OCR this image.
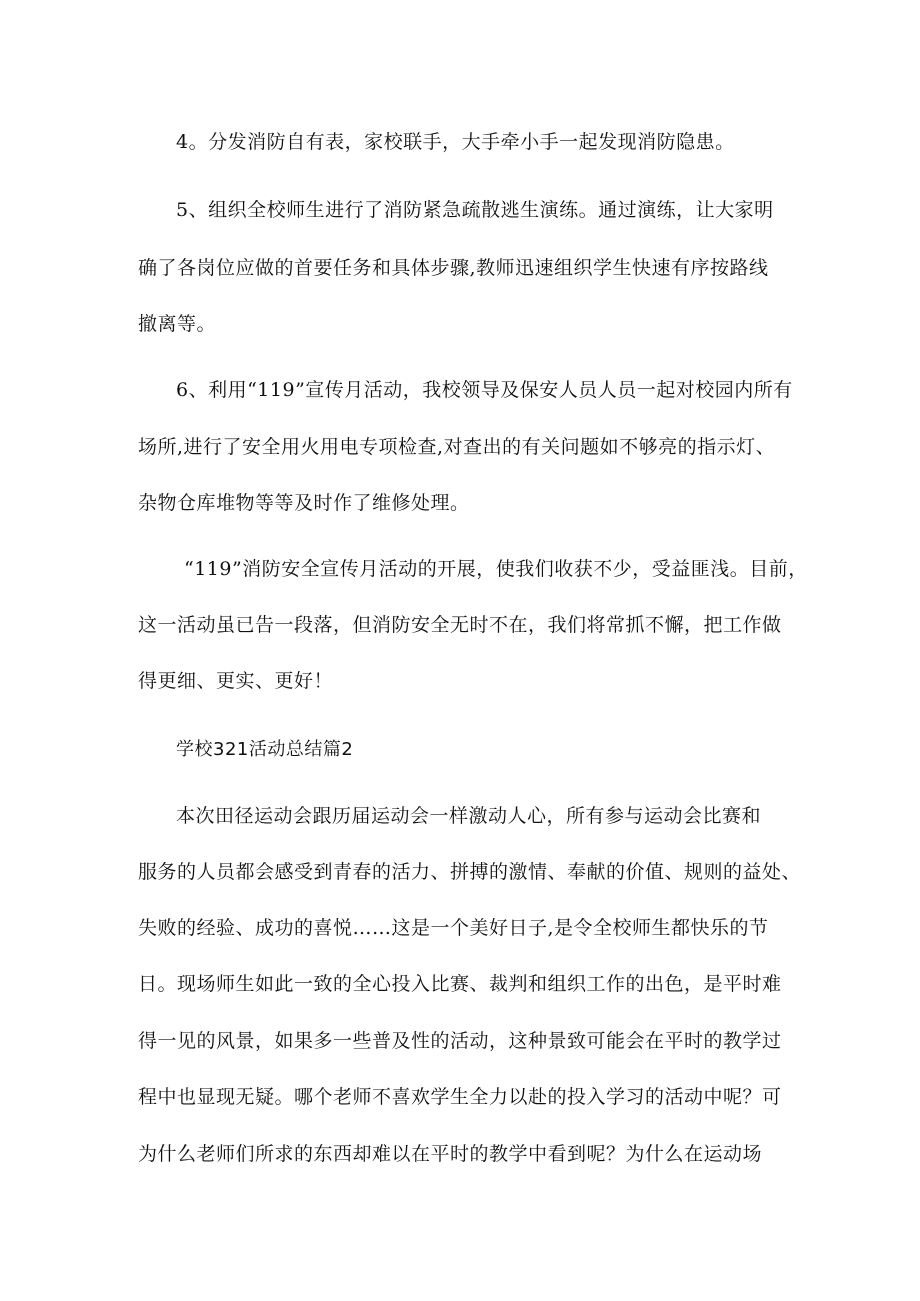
4。分发消防自有表，家校联手，大手牵小手一起发现消防隐患。
5、组织全校师生进行了消防紧急疏散逃生演练。通过演练，让大家明
确了各岗位应做的首要任务和具体步骤,教师迅速组织学生快速有序按路线
撤离等。
6、利用“119”宣传月活动，我校领导及保安人员人员一起对校园内所有
场所,进行了安全用火用电专项检查,对查出的有关问题如不够亮的指示灯、
杂物仓库堆物等等及时作了维修处理。
“119”消防安全宣传月活动的开展，使我们收获不少，受益匪浅。目前，
这一活动虽已告一段落，但消防安全无时不在，我们将常抓不懈，把工作做
得更细、更实、更好！
学校321活动总结篇2
本次田径运动会跟历届运动会一样激动人心，所有参与运动会比赛和
服务的人员都会感受到青春的活力、拼搏的激情、奉献的价值、规则的益处、
失败的经验、成功的喜悦……这是一个美好日子,是令全校师生都快乐的节
日。现场师生如此一致的全心投入比赛、裁判和组织工作的出色，是平时难
得一见的风景，如果多一些普及性的活动，这种景致可能会在平时的教学过
程中也显现无疑。哪个老师不喜欢学生全力以赴的投入学习的活动中呢？可
为什么老师们所求的东西却难以在平时的教学中看到呢？为什么在运动场
